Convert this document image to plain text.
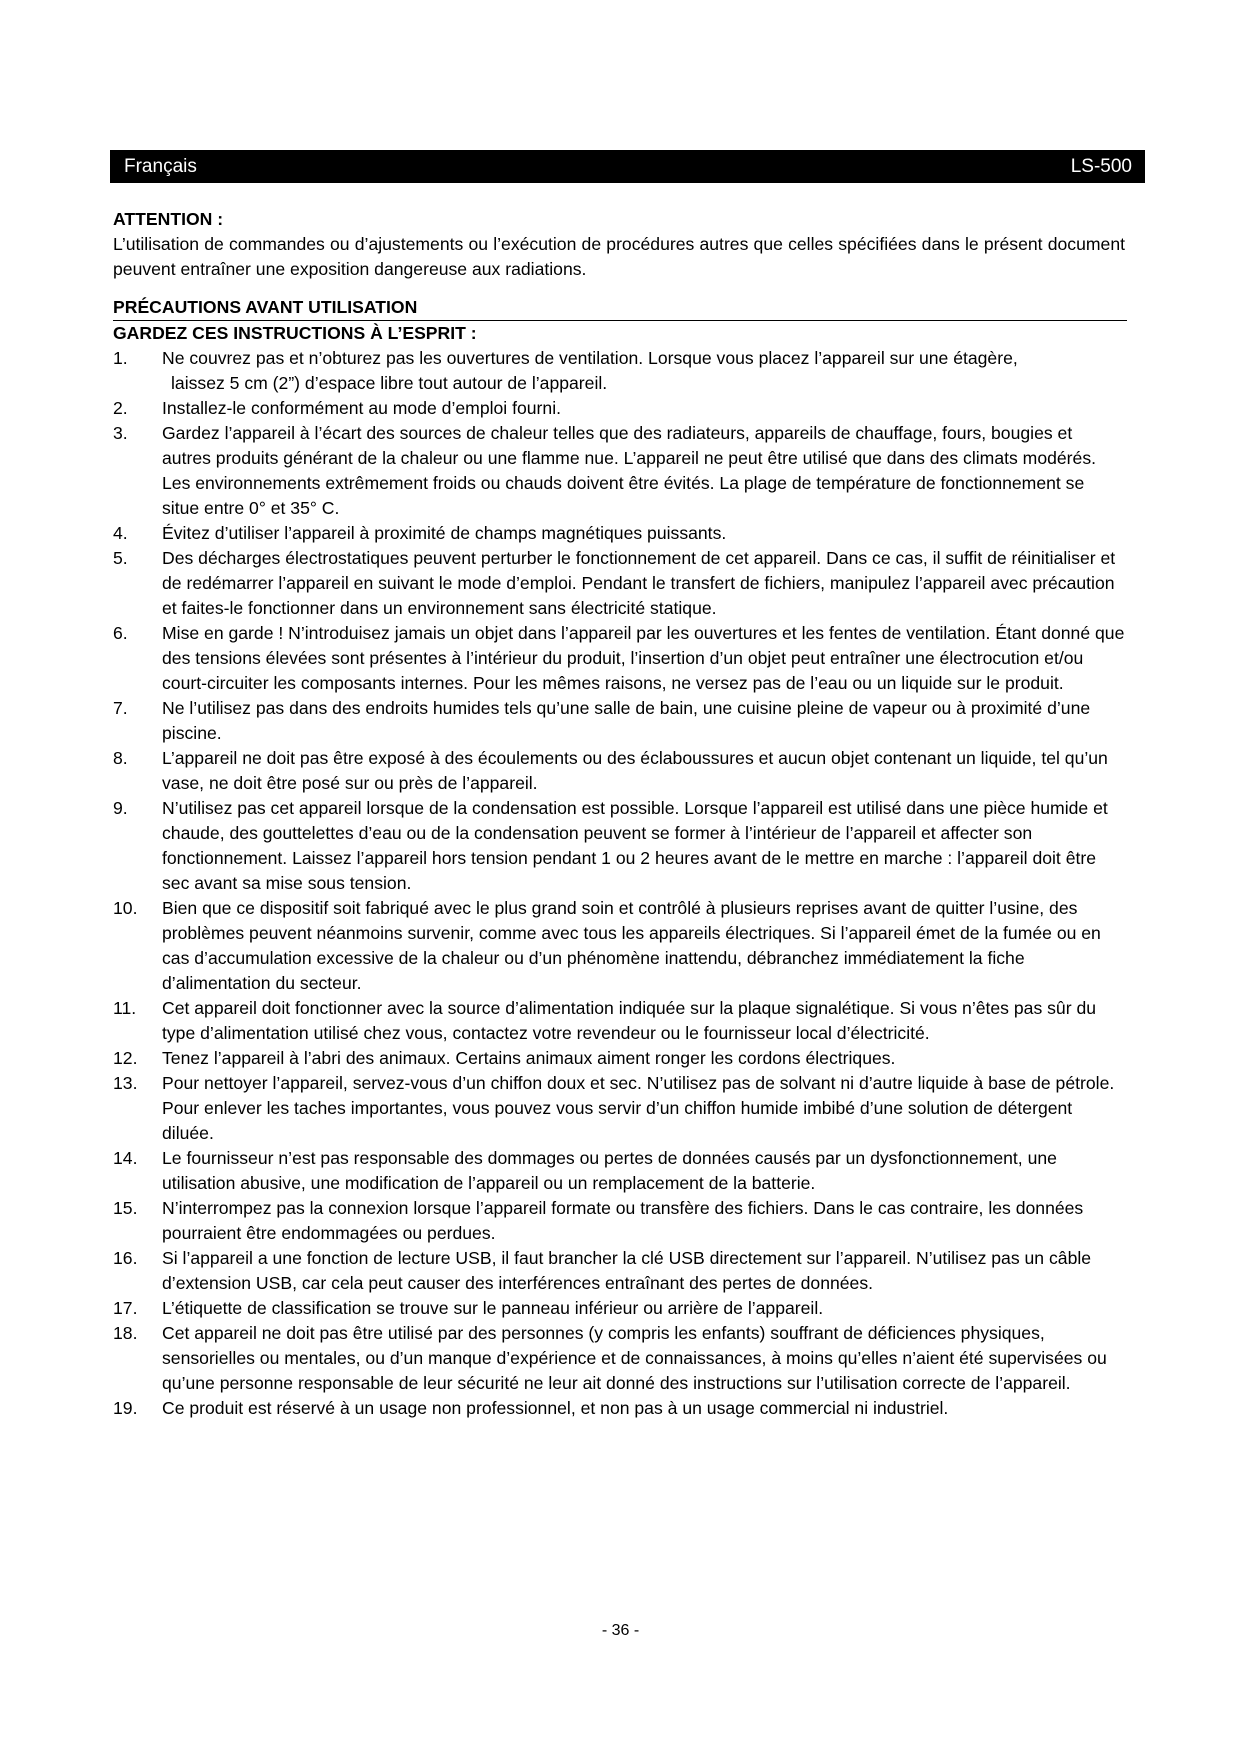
Français	LS-500
ATTENTION :

L’utilisation de commandes ou d’ajustements ou l’exécution de procédures autres que celles spécifiées dans le présent document peuvent entraîner une exposition dangereuse aux radiations.

PRÉCAUTIONS AVANT UTILISATION
GARDEZ CES INSTRUCTIONS À L’ESPRIT :
1.	Ne couvrez pas et n’obturez pas les ouvertures de ventilation. Lorsque vous placez l’appareil sur une étagère,
laissez 5 cm (2”) d’espace libre tout autour de l’appareil.
2.	Installez-le conformément au mode d’emploi fourni.
3.	Gardez l’appareil à l’écart des sources de chaleur telles que des radiateurs, appareils de chauffage, fours, bougies et autres produits générant de la chaleur ou une flamme nue. L’appareil ne peut être utilisé que dans des climats modérés. Les environnements extrêmement froids ou chauds doivent être évités. La plage de température de fonctionnement se situe entre 0° et 35° C.
4.	Évitez d’utiliser l’appareil à proximité de champs magnétiques puissants.
5.	Des décharges électrostatiques peuvent perturber le fonctionnement de cet appareil. Dans ce cas, il suffit de réinitialiser et de redémarrer l’appareil en suivant le mode d’emploi. Pendant le transfert de fichiers, manipulez l’appareil avec précaution et faites-le fonctionner dans un environnement sans électricité statique.
6.	Mise en garde ! N’introduisez jamais un objet dans l’appareil par les ouvertures et les fentes de ventilation. Étant donné que des tensions élevées sont présentes à l’intérieur du produit, l’insertion d’un objet peut entraîner une électrocution et/ou court-circuiter les composants internes. Pour les mêmes raisons, ne versez pas de l’eau ou un liquide sur le produit.
7.	Ne l’utilisez pas dans des endroits humides tels qu’une salle de bain, une cuisine pleine de vapeur ou à proximité d’une piscine.
8.	L’appareil ne doit pas être exposé à des écoulements ou des éclaboussures et aucun objet contenant un liquide, tel qu’un vase, ne doit être posé sur ou près de l’appareil.
9.	N’utilisez pas cet appareil lorsque de la condensation est possible. Lorsque l’appareil est utilisé dans une pièce humide et chaude, des gouttelettes d’eau ou de la condensation peuvent se former à l’intérieur de l’appareil et affecter son fonctionnement. Laissez l’appareil hors tension pendant 1 ou 2 heures avant de le mettre en marche : l’appareil doit être sec avant sa mise sous tension.
10.	Bien que ce dispositif soit fabriqué avec le plus grand soin et contrôlé à plusieurs reprises avant de quitter l’usine, des problèmes peuvent néanmoins survenir, comme avec tous les appareils électriques. Si l’appareil émet de la fumée ou en cas d’accumulation excessive de la chaleur ou d’un phénomène inattendu, débranchez immédiatement la fiche d’alimentation du secteur.
11.	Cet appareil doit fonctionner avec la source d’alimentation indiquée sur la plaque signalétique. Si vous n’êtes pas sûr du type d’alimentation utilisé chez vous, contactez votre revendeur ou le fournisseur local d’électricité.
12.	Tenez l’appareil à l’abri des animaux. Certains animaux aiment ronger les cordons électriques.
13.	Pour nettoyer l’appareil, servez-vous d’un chiffon doux et sec. N’utilisez pas de solvant ni d’autre liquide à base de pétrole. Pour enlever les taches importantes, vous pouvez vous servir d’un chiffon humide imbibé d’une solution de détergent diluée.
14.	Le fournisseur n’est pas responsable des dommages ou pertes de données causés par un dysfonctionnement, une utilisation abusive, une modification de l’appareil ou un remplacement de la batterie.
15.	N’interrompez pas la connexion lorsque l’appareil formate ou transfère des fichiers. Dans le cas contraire, les données pourraient être endommagées ou perdues.
16.	Si l’appareil a une fonction de lecture USB, il faut brancher la clé USB directement sur l’appareil. N’utilisez pas un câble d’extension USB, car cela peut causer des interférences entraînant des pertes de données.
17.	L’étiquette de classification se trouve sur le panneau inférieur ou arrière de l’appareil.
18.	Cet appareil ne doit pas être utilisé par des personnes (y compris les enfants) souffrant de déficiences physiques, sensorielles ou mentales, ou d’un manque d’expérience et de connaissances, à moins qu’elles n’aient été supervisées ou qu’une personne responsable de leur sécurité ne leur ait donné des instructions sur l’utilisation correcte de l’appareil.
19.	Ce produit est réservé à un usage non professionnel, et non pas à un usage commercial ni industriel.
- 36 -
